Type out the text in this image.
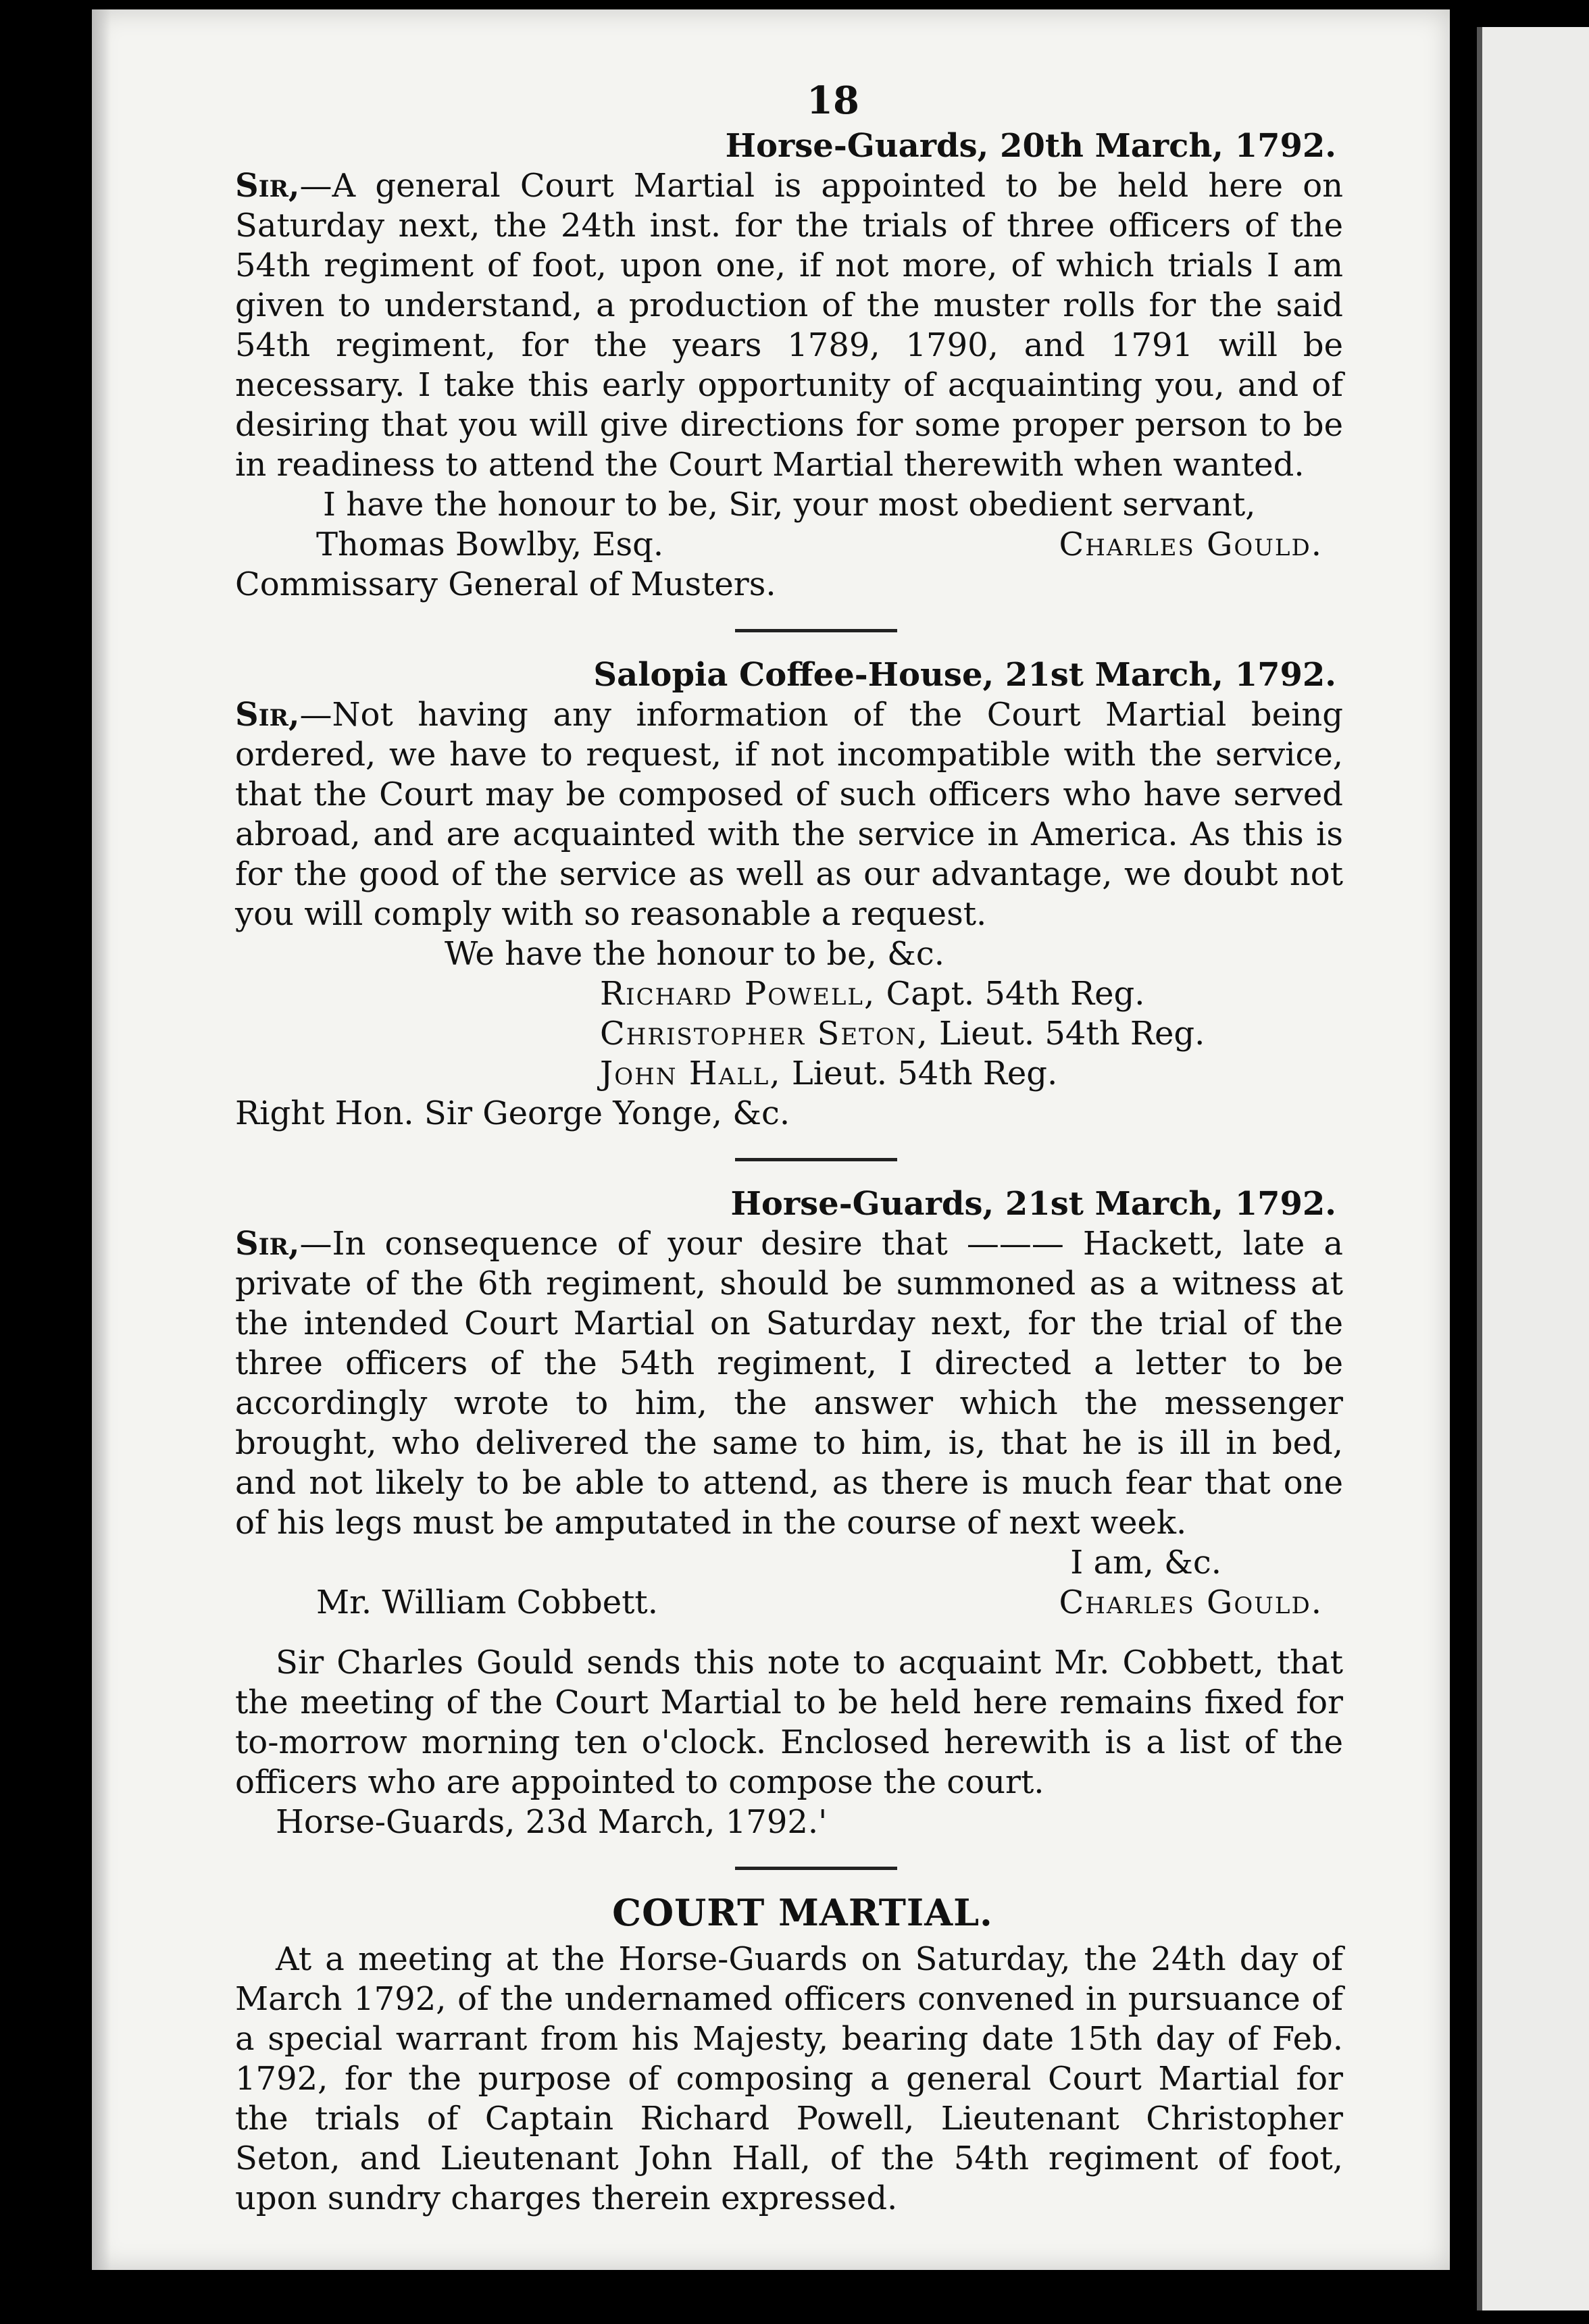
18

Horse-Guards, 20th March, 1792.

Sir,—A general Court Martial is appointed to be held here on Saturday next, the 24th inst. for the trials of three officers of the 54th regiment of foot, upon one, if not more, of which trials I am given to understand, a production of the muster rolls for the said 54th regiment, for the years 1789, 1790, and 1791 will be necessary. I take this early opportunity of acquainting you, and of desiring that you will give directions for some proper person to be in readiness to attend the Court Martial therewith when wanted.

I have the honour to be, Sir, your most obedient servant,

Thomas Bowlby, Esq.	Charles Gould.

Commissary General of Musters.

Salopia Coffee-House, 21st March, 1792.

Sir,—Not having any information of the Court Martial being ordered, we have to request, if not incompatible with the service, that the Court may be composed of such officers who have served abroad, and are acquainted with the service in America. As this is for the good of the service as well as our advantage, we doubt not you will comply with so reasonable a request.

We have the honour to be, &c.

Richard Powell, Capt. 54th Reg.

Christopher Seton, Lieut. 54th Reg.

John Hall, Lieut. 54th Reg.

Right Hon. Sir George Yonge, &c.

Horse-Guards, 21st March, 1792.

Sir,—In consequence of your desire that ——— Hackett, late a private of the 6th regiment, should be summoned as a witness at the intended Court Martial on Saturday next, for the trial of the three officers of the 54th regiment, I directed a letter to be accordingly wrote to him, the answer which the messenger brought, who delivered the same to him, is, that he is ill in bed, and not likely to be able to attend, as there is much fear that one of his legs must be amputated in the course of next week.

I am, &c.

Mr. William Cobbett.	Charles Gould.

Sir Charles Gould sends this note to acquaint Mr. Cobbett, that the meeting of the Court Martial to be held here remains fixed for to-morrow morning ten o'clock. Enclosed herewith is a list of the officers who are appointed to compose the court.

Horse-Guards, 23d March, 1792.'

COURT MARTIAL.

At a meeting at the Horse-Guards on Saturday, the 24th day of March 1792, of the undernamed officers convened in pursuance of a special warrant from his Majesty, bearing date 15th day of Feb. 1792, for the purpose of composing a general Court Martial for the trials of Captain Richard Powell, Lieutenant Christopher Seton, and Lieutenant John Hall, of the 54th regiment of foot, upon sundry charges therein expressed.
